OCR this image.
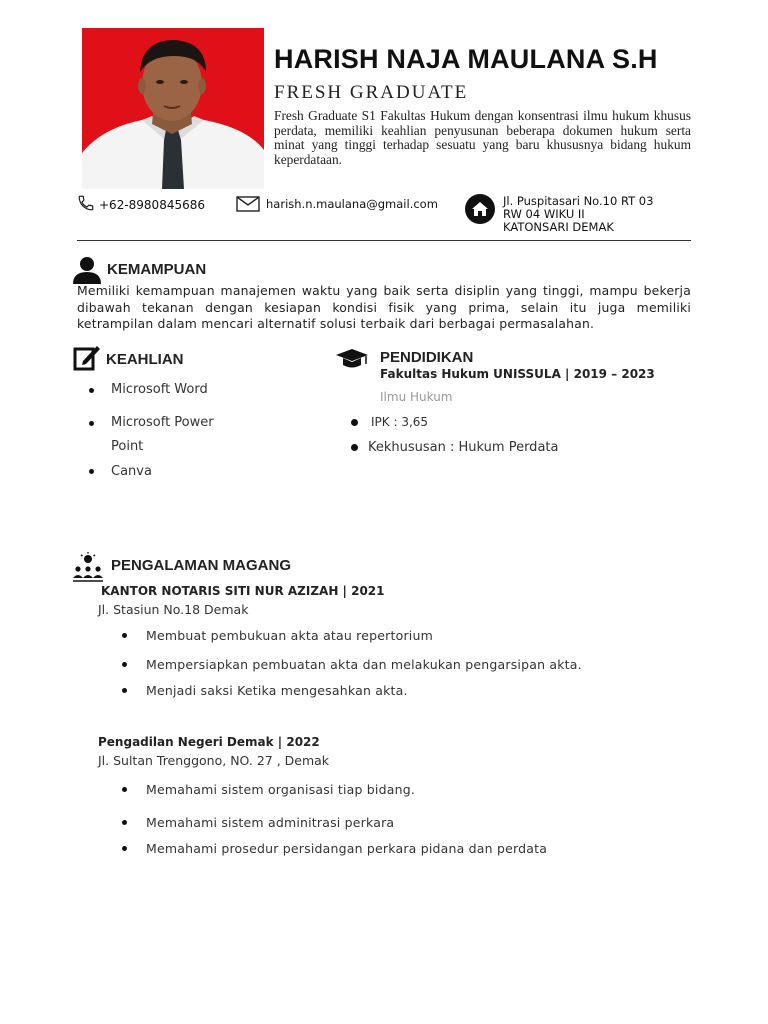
HARISH NAJA MAULANA S.H
FRESH GRADUATE
Fresh Graduate S1 Fakultas Hukum dengan konsentrasi ilmu hukum khusus perdata, memiliki keahlian penyusunan beberapa dokumen hukum serta minat yang tinggi terhadap sesuatu yang baru khususnya bidang hukum keperdataan.
+62-8980845686	harish.n.maulana@gmail.com	Jl. Puspitasari No.10 RT 03
RW 04 WIKU II
KATONSARI DEMAK
KEMAMPUAN
Memiliki kemampuan manajemen waktu yang baik serta disiplin yang tinggi, mampu bekerja dibawah tekanan dengan kesiapan kondisi fisik yang prima, selain itu juga memiliki ketrampilan dalam mencari alternatif solusi terbaik dari berbagai permasalahan.
KEAHLIAN
Microsoft Word
Microsoft Power
Point
Canva
PENDIDIKAN
Fakultas Hukum UNISSULA | 2019 – 2023
Ilmu Hukum
IPK : 3,65
Kekhususan : Hukum Perdata
PENGALAMAN MAGANG
KANTOR NOTARIS SITI NUR AZIZAH | 2021
Jl. Stasiun No.18 Demak
Membuat pembukuan akta atau repertorium
Mempersiapkan pembuatan akta dan melakukan pengarsipan akta.
Menjadi saksi Ketika mengesahkan akta.
Pengadilan Negeri Demak | 2022
Jl. Sultan Trenggono, NO. 27 , Demak
Memahami sistem organisasi tiap bidang.
Memahami sistem adminitrasi perkara
Memahami prosedur persidangan perkara pidana dan perdata
